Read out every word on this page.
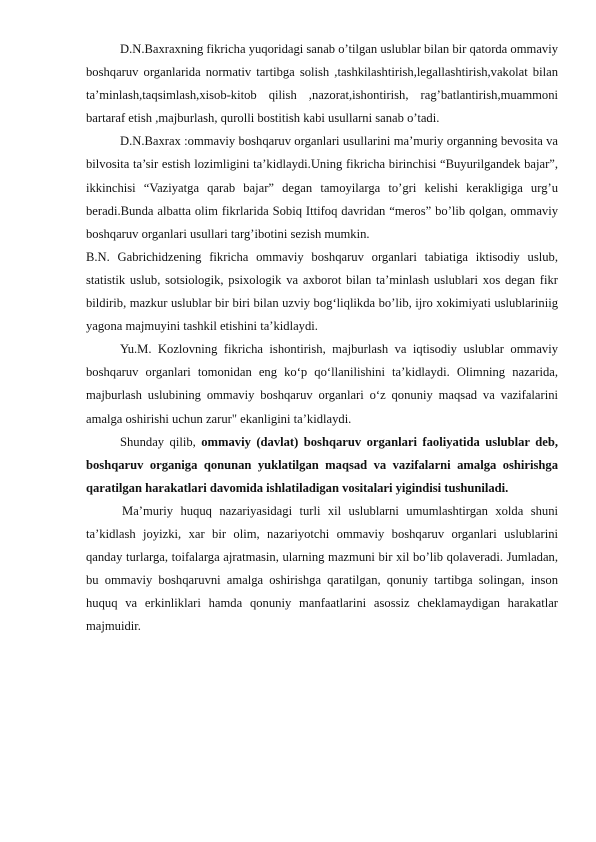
D.N.Baxraxning fikricha yuqoridagi sanab o’tilgan uslublar bilan bir qatorda ommaviy boshqaruv organlarida normativ tartibga solish ,tashkilashtirish,legallashtirish,vakolat bilan ta’minlash,taqsimlash,xisob-kitob qilish ,nazorat,ishontirish, rag’batlantirish,muammoni bartaraf etish ,majburlash, qurolli bostitish kabi usullarni sanab o’tadi.

D.N.Baxrax :ommaviy boshqaruv organlari usullarini ma’muriy organning bevosita va bilvosita ta’sir estish lozimligini ta’kidlaydi.Uning fikricha birinchisi “Buyurilgandek bajar”, ikkinchisi “Vaziyatga qarab bajar” degan tamoyilarga to’gri kelishi kerakligiga urg’u beradi.Bunda albatta olim fikrlarida Sobiq Ittifoq davridan “meros” bo’lib qolgan, ommaviy boshqaruv organlari usullari targ’ibotini sezish mumkin.

B.N. Gabrichidzening fikricha ommaviy boshqaruv organlari tabiatiga iktisodiy uslub, statistik uslub, sotsiologik, psixologik va axborot bilan ta’minlash uslublari xos degan fikr bildirib, mazkur uslublar bir biri bilan uzviy bog‘liqlikda bo’lib, ijro xokimiyati uslublariniig yagona majmuyini tashkil etishini ta’kidlaydi.

Yu.M. Kozlovning fikricha ishontirish, majburlash va iqtisodiy uslublar ommaviy boshqaruv organlari tomonidan eng ko‘p qo‘llanilishini ta’kidlaydi. Olimning nazarida, majburlash uslubining ommaviy boshqaruv organlari o‘z qonuniy maqsad va vazifalarini amalga oshirishi uchun zarur" ekanligini ta’kidlaydi.

Shunday qilib, ommaviy (davlat) boshqaruv organlari faoliyatida uslublar deb, boshqaruv organiga qonunan yuklatilgan maqsad va vazifalarni amalga oshirishga qaratilgan harakatlari davomida ishlatiladigan vositalari yigindisi tushuniladi.

Ma’muriy huquq nazariyasidagi turli xil uslublarni umumlashtirgan xolda shuni ta’kidlash joyizki, xar bir olim, nazariyotchi ommaviy boshqaruv organlari uslublarini qanday turlarga, toifalarga ajratmasin, ularning mazmuni bir xil bo’lib qolaveradi. Jumladan, bu ommaviy boshqaruvni amalga oshirishga qaratilgan, qonuniy tartibga solingan, inson huquq va erkinliklari hamda qonuniy manfaatlarini asossiz cheklamaydigan harakatlar majmuidir.
